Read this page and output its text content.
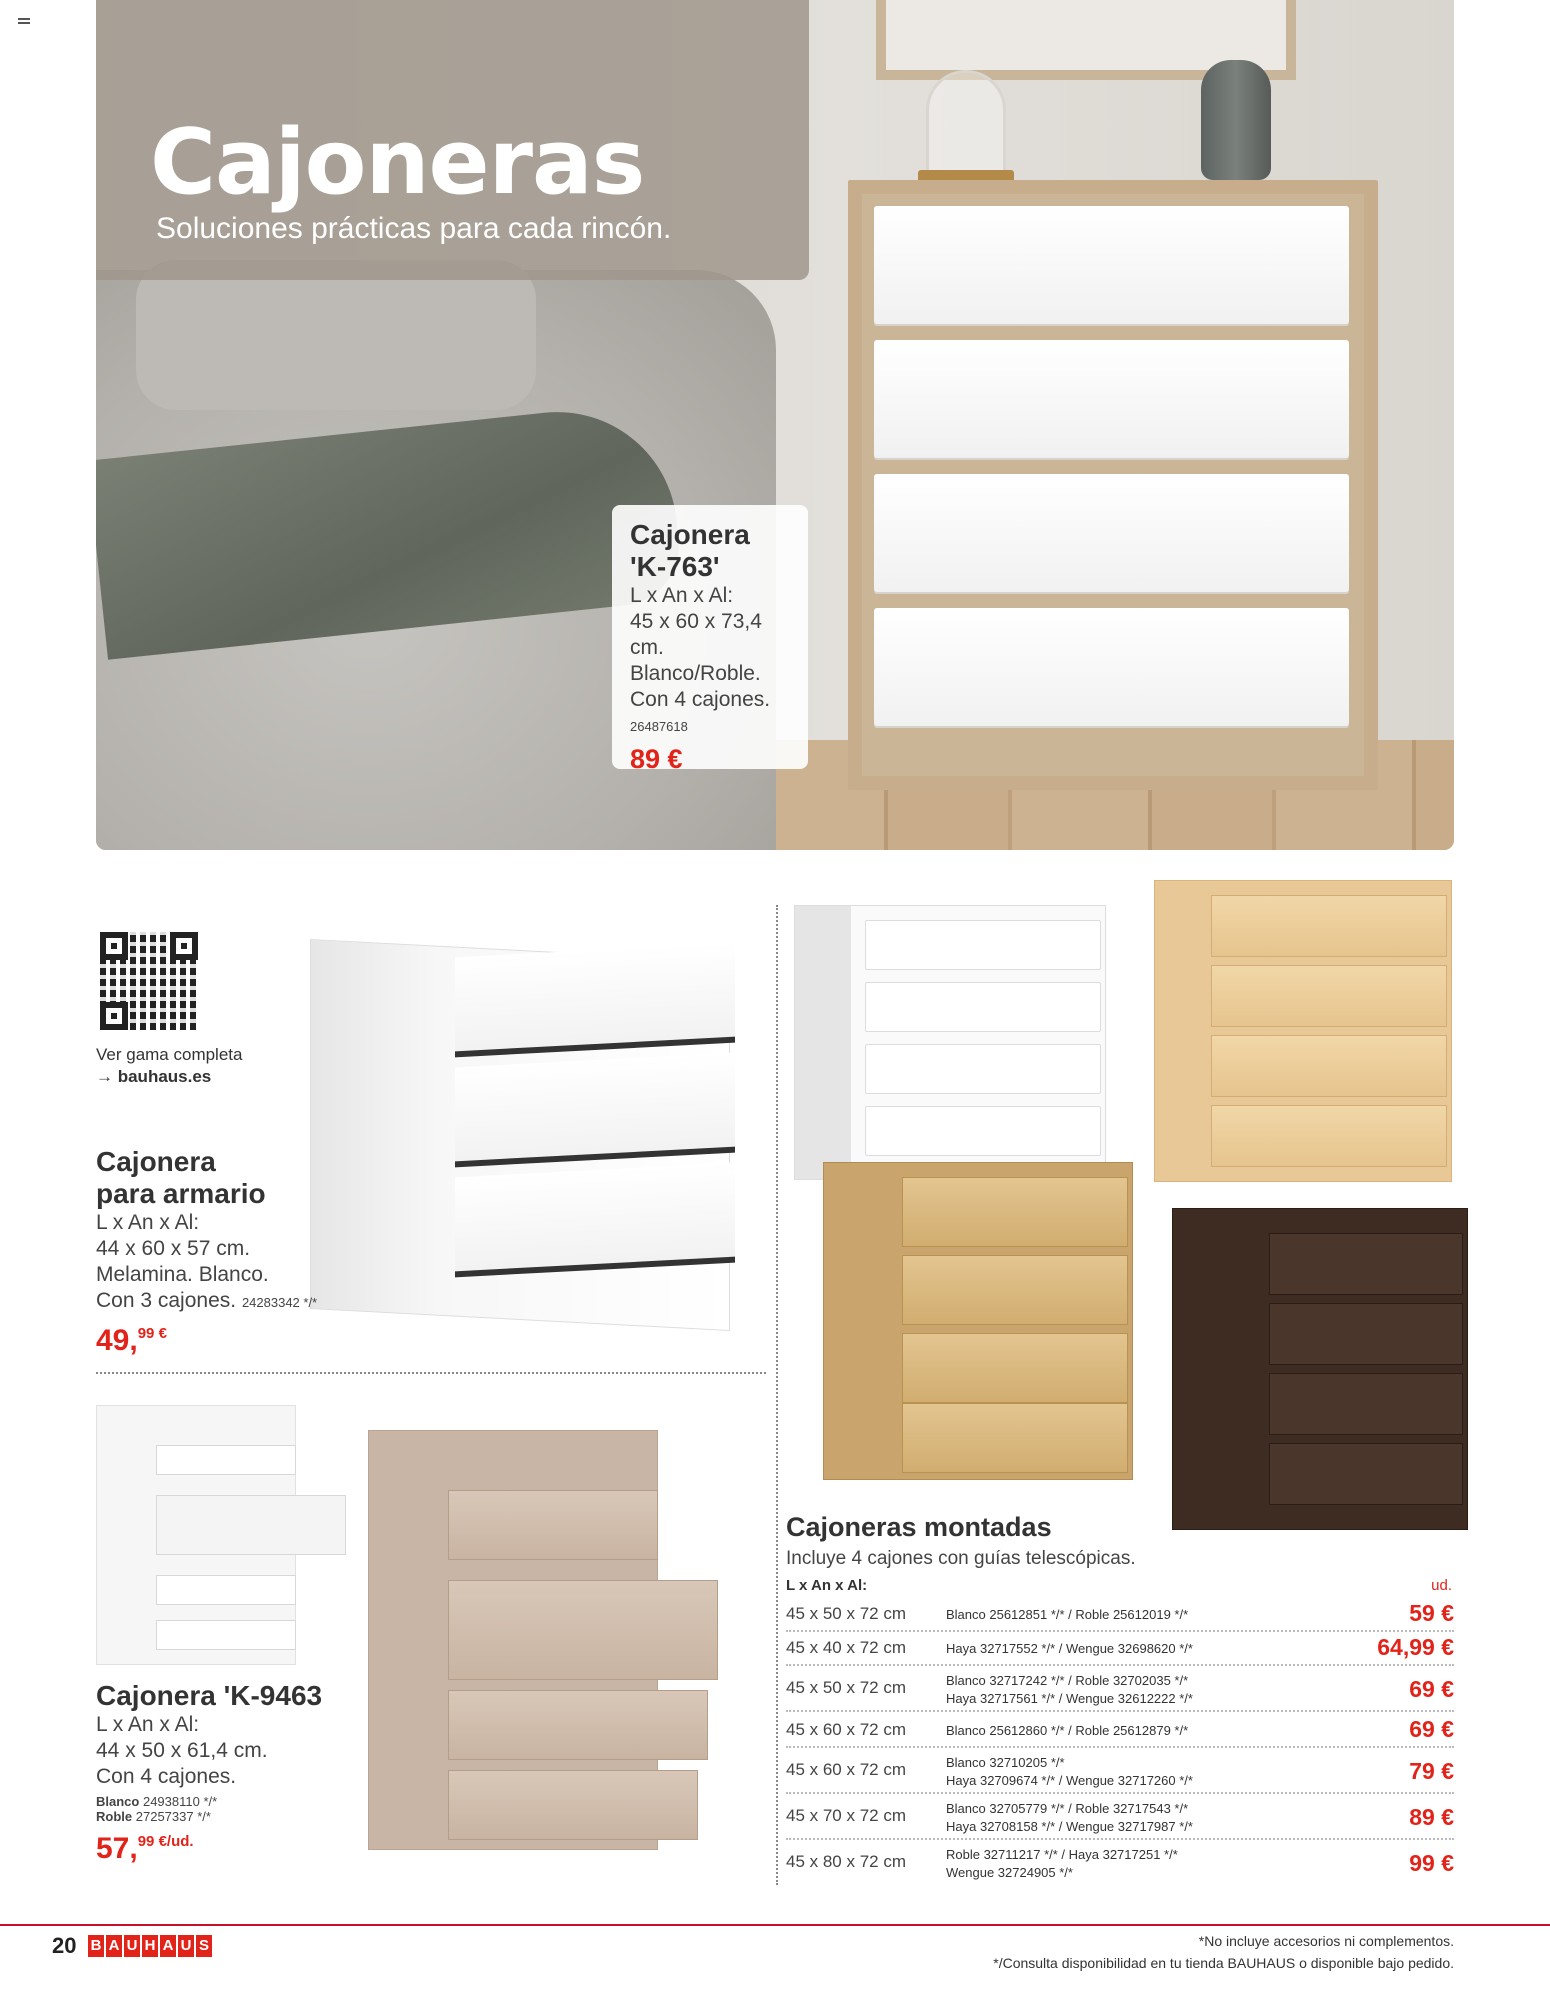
Cajoneras
Soluciones prácticas para cada rincón.
Cajonera 'K-763'
L x An x Al:
45 x 60 x 73,4 cm.
Blanco/Roble.
Con 4 cajones.
26487618
89 €
Ver gama completa
→ bauhaus.es
Cajonera
para armario
L x An x Al:
44 x 60 x 57 cm.
Melamina. Blanco.
Con 3 cajones. 24283342 */*
49,$^{99 €}$
Cajonera 'K-9463
L x An x Al:
44 x 50 x 61,4 cm.
Con 4 cajones.
Blanco 24938110 */*
Roble 27257337 */*
57,$^{99 €/ud.}$
Cajoneras montadas
Incluye 4 cajones con guías telescópicas.
L x An x Al:	ud.
45 x 50 x 72 cm	Blanco 25612851 */* / Roble 25612019 */*	59 €
45 x 40 x 72 cm	Haya 32717552 */* / Wengue 32698620 */*	64,99 €
45 x 50 x 72 cm	Blanco 32717242 */* / Roble 32702035 */*
Haya 32717561 */* / Wengue 32612222 */*	69 €
45 x 60 x 72 cm	Blanco 25612860 */* / Roble 25612879 */*	69 €
45 x 60 x 72 cm	Blanco 32710205 */*
Haya 32709674 */* / Wengue 32717260 */*	79 €
45 x 70 x 72 cm	Blanco 32705779 */* / Roble 32717543 */*
Haya 32708158 */* / Wengue 32717987 */*	89 €
45 x 80 x 72 cm	Roble 32711217 */* / Haya 32717251 */*
Wengue 32724905 */*	99 €
20 B A U H A U S	*No incluye accesorios ni complementos.
*/Consulta disponibilidad en tu tienda BAUHAUS o disponible bajo pedido.
